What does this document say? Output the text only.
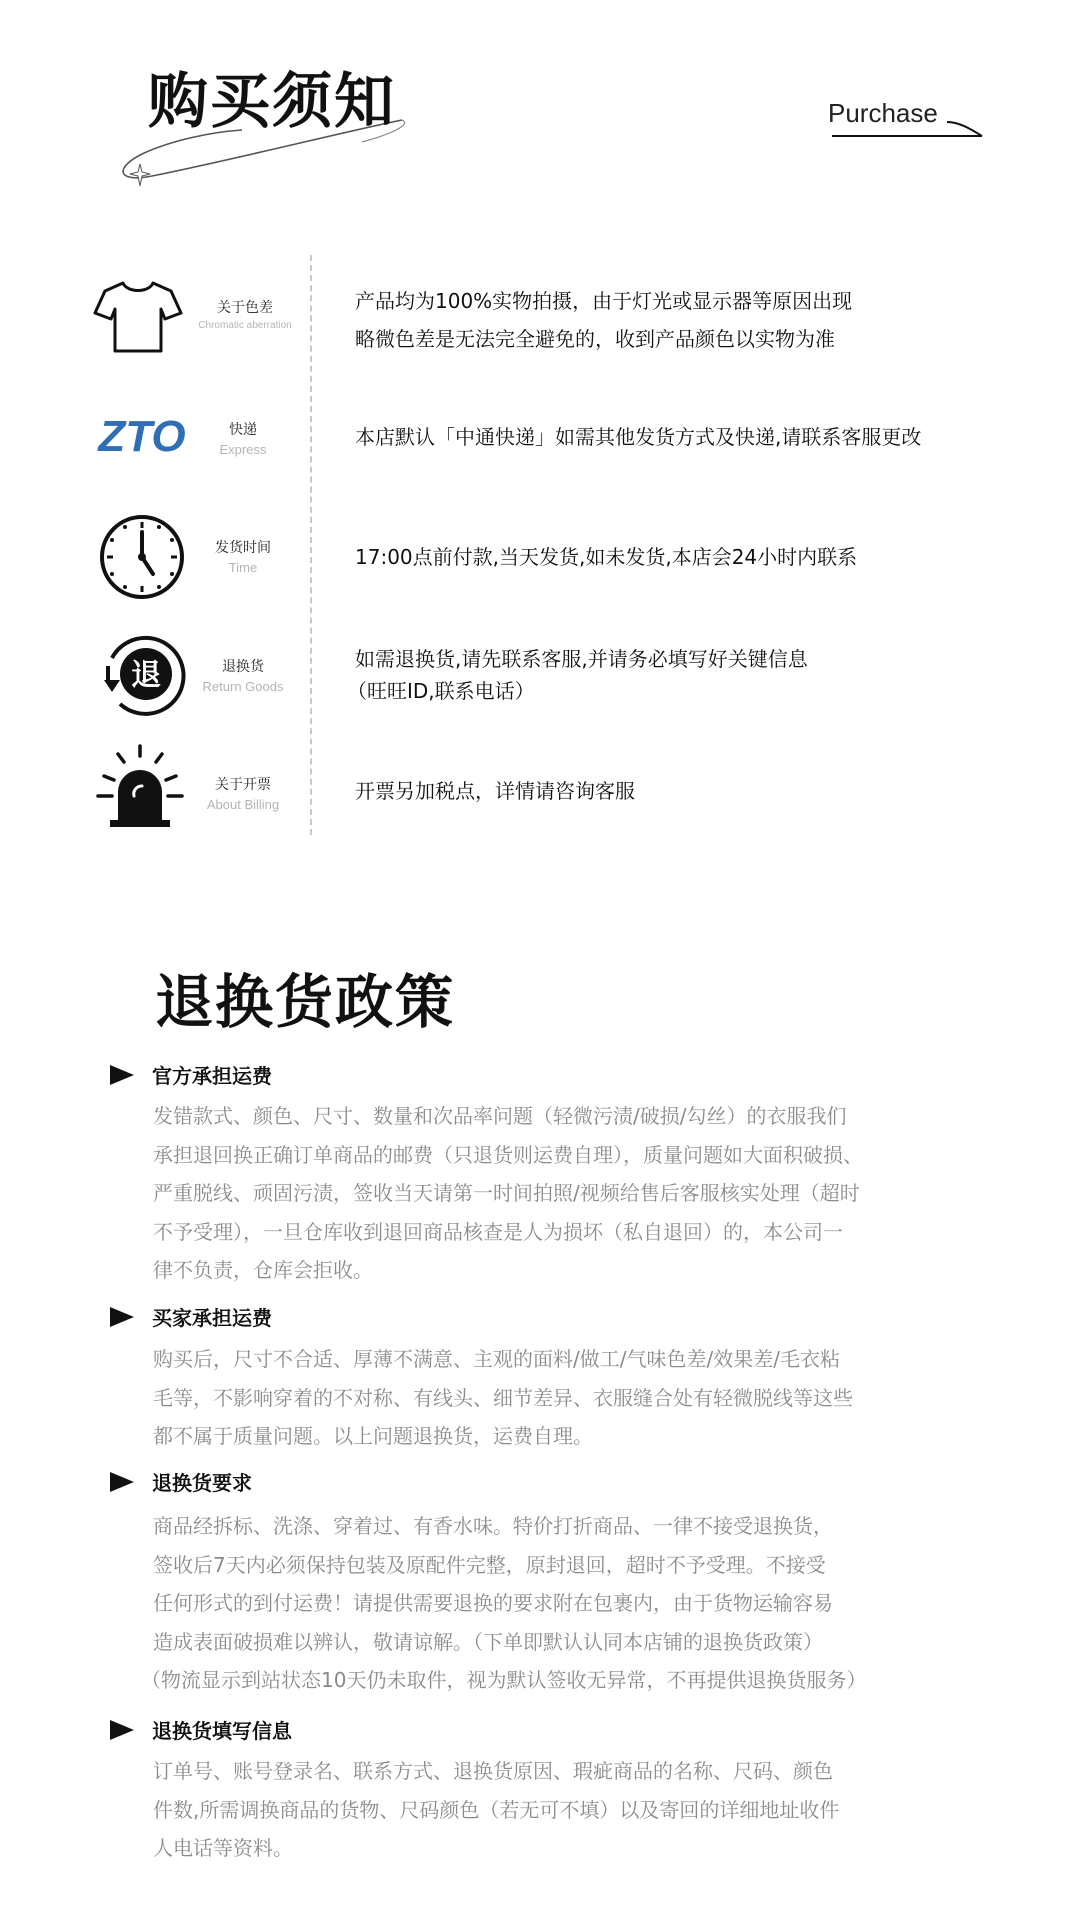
购买须知	Purchase
关于色差
Chromatic aberration
产品均为100%实物拍摄，由于灯光或显示器等原因出现
略微色差是无法完全避免的，收到产品颜色以实物为准
ZTO	快递
Express
本店默认「中通快递」如需其他发货方式及快递,请联系客服更改
发货时间
Time	17:00点前付款,当天发货,如未发货,本店会24小时内联系
退	退换货
Return Goods
如需退换货,请先联系客服,并请务必填写好关键信息
（旺旺ID,联系电话）
关于开票
About Billing
开票另加税点，详情请咨询客服
退换货政策
官方承担运费

发错款式、颜色、尺寸、数量和次品率问题（轻微污渍/破损/勾丝）的衣服我们

承担退回换正确订单商品的邮费（只退货则运费自理），质量问题如大面积破损、

严重脱线、顽固污渍，签收当天请第一时间拍照/视频给售后客服核实处理（超时

不予受理），一旦仓库收到退回商品核查是人为损坏（私自退回）的，本公司一

律不负责，仓库会拒收。

买家承担运费

购买后，尺寸不合适、厚薄不满意、主观的面料/做工/气味色差/效果差/毛衣粘

毛等，不影响穿着的不对称、有线头、细节差异、衣服缝合处有轻微脱线等这些

都不属于质量问题。以上问题退换货，运费自理。

退换货要求

商品经拆标、洗涤、穿着过、有香水味。特价打折商品、一律不接受退换货，

签收后7天内必须保持包装及原配件完整，原封退回，超时不予受理。不接受

任何形式的到付运费！请提供需要退换的要求附在包裹内，由于货物运输容易

造成表面破损难以辨认，敬请谅解。（下单即默认认同本店铺的退换货政策）

（物流显示到站状态10天仍未取件，视为默认签收无异常，不再提供退换货服务）

退换货填写信息

订单号、账号登录名、联系方式、退换货原因、瑕疵商品的名称、尺码、颜色

件数,所需调换商品的货物、尺码颜色（若无可不填）以及寄回的详细地址收件

人电话等资料。
